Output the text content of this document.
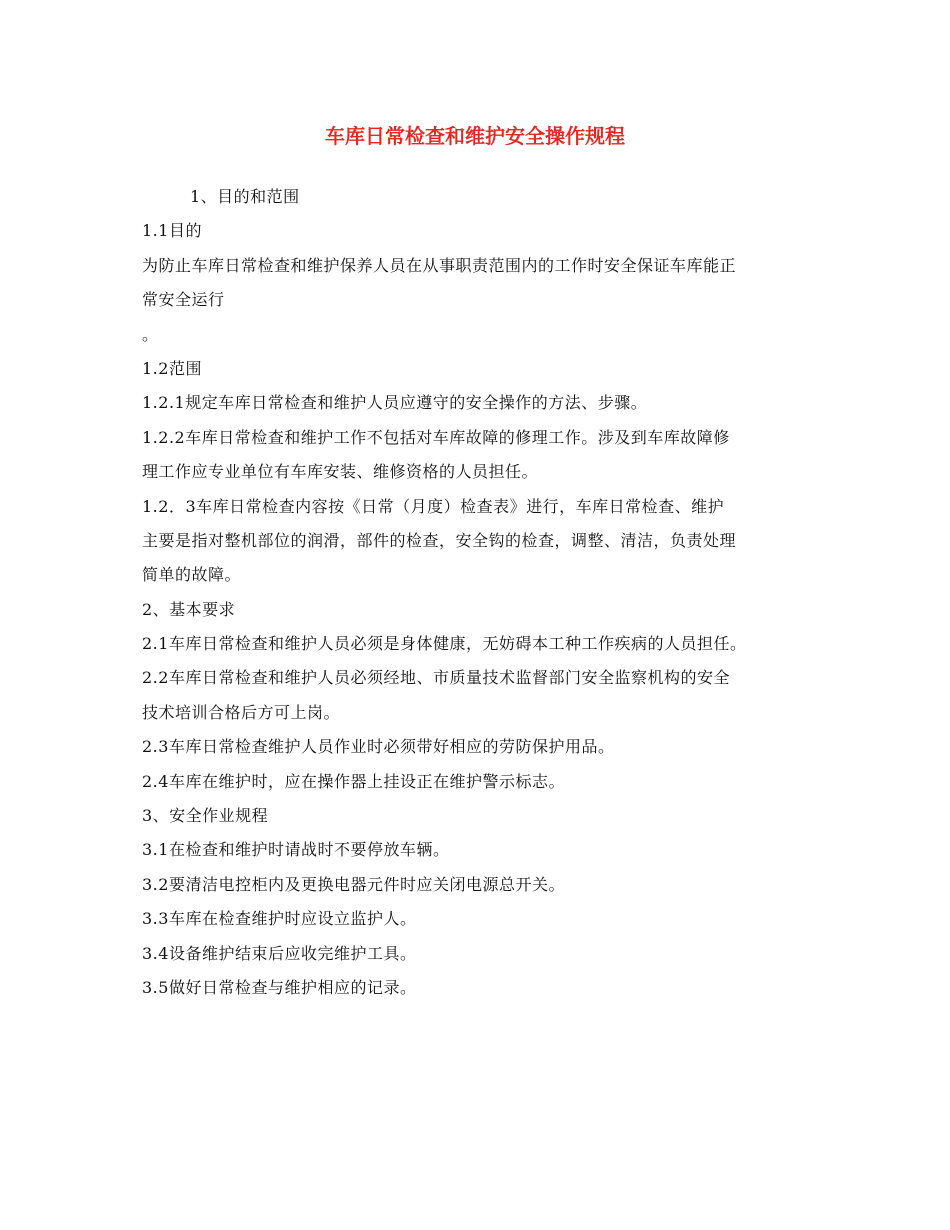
车库日常检查和维护安全操作规程
1、目的和范围
1.1目的
为防止车库日常检查和维护保养人员在从事职责范围内的工作时安全保证车库能正
常安全运行
。
1.2范围
1.2.1规定车库日常检查和维护人员应遵守的安全操作的方法、步骤。
1.2.2车库日常检查和维护工作不包括对车库故障的修理工作。涉及到车库故障修
理工作应专业单位有车库安装、维修资格的人员担任。
1.2．3车库日常检查内容按《日常（月度）检查表》进行，车库日常检查、维护
主要是指对整机部位的润滑，部件的检查，安全钩的检查，调整、清洁，负责处理
简单的故障。
2、基本要求
2.1车库日常检查和维护人员必须是身体健康，无妨碍本工种工作疾病的人员担任。
2.2车库日常检查和维护人员必须经地、市质量技术监督部门安全监察机构的安全
技术培训合格后方可上岗。
2.3车库日常检查维护人员作业时必须带好相应的劳防保护用品。
2.4车库在维护时，应在操作器上挂设正在维护警示标志。
3、安全作业规程
3.1在检查和维护时请战时不要停放车辆。
3.2要清洁电控柜内及更换电器元件时应关闭电源总开关。
3.3车库在检查维护时应设立监护人。
3.4设备维护结束后应收完维护工具。
3.5做好日常检查与维护相应的记录。
